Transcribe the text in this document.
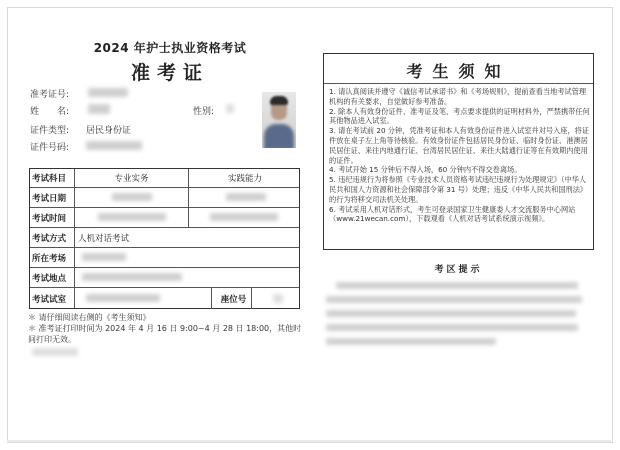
2024 年护士执业资格考试
准考证
准考证号:
姓　　名:	性别:
证件类型: 居民身份证
证件号码:
考试科目	专业实务	实践能力
考试日期
考试时间
考试方式	人机对话考试
所在考场
考试地点
考试试室	座位号
＊ 请仔细阅读右侧的《考生须知》
＊ 准考证打印时间为 2024 年 4 月 16 日 9:00~4 月 28 日 18:00，其他时间打印无效。
考生须知

1. 请认真阅读并遵守《诚信考试承诺书》和《考场规则》，提前查看当地考试管理机构的有关要求，自觉做好参考准备。

2. 除本人有效身份证件、准考证及笔、考点要求提供的证明材料外，严禁携带任何其他物品进入试室。

3. 请在考试前 20 分钟，凭准考证和本人有效身份证件进入试室并对号入座，将证件放在桌子左上角等待核验。有效身份证件包括居民身份证、临时身份证、港澳居民居住证、来往内地通行证、台湾居民居住证、来往大陆通行证等在有效期内使用的证件。

4. 考试开始 15 分钟后不得入场，60 分钟内不得交卷离场。

5. 违纪违规行为将参照《专业技术人员资格考试违纪违规行为处理规定》（中华人民共和国人力资源和社会保障部令第 31 号）处理；违反《中华人民共和国刑法》的行为将移交司法机关处理。

6. 考试采用人机对话形式，考生可登录国家卫生健康委人才交流服务中心网站（www.21wecan.com），下载观看《人机对话考试系统演示视频》。

考区提示
